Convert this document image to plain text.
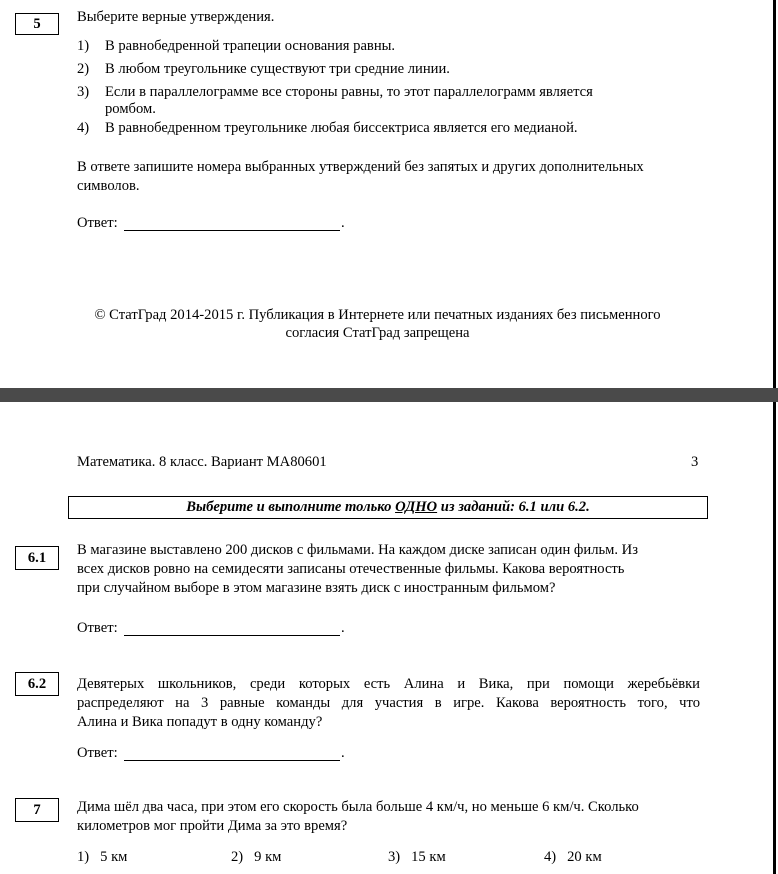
5	Выберите верные утверждения.
1) В равнобедренной трапеции основания равны.
2) В любом треугольнике существуют три средние линии.
3) Если в параллелограмме все стороны равны, то этот параллелограмм является
ромбом.
4) В равнобедренном треугольнике любая биссектриса является его медианой.
В ответе запишите номера выбранных утверждений без запятых и других дополнительных
символов.
Ответ:	.
© СтатГрад 2014-2015 г. Публикация в Интернете или печатных изданиях без письменного
согласия СтатГрад запрещена
Математика. 8 класс. Вариант МА80601	3
Выберите и выполните только ОДНО из заданий: 6.1 или 6.2.
6.1	В магазине выставлено 200 дисков с фильмами. На каждом диске записан один фильм. Из
всех дисков ровно на семидесяти записаны отечественные фильмы. Какова вероятность
при случайном выборе в этом магазине взять диск с иностранным фильмом?
Ответ:	.
6.2	Девятерых школьников, среди которых есть Алина и Вика, при помощи жеребьёвки
распределяют на 3 равные команды для участия в игре. Какова вероятность того, что
Алина и Вика попадут в одну команду?
Ответ:	.
7	Дима шёл два часа, при этом его скорость была больше 4 км/ч, но меньше 6 км/ч. Сколько
километров мог пройти Дима за это время?
1) 5 км	2) 9 км	3) 15 км	4) 20 км
